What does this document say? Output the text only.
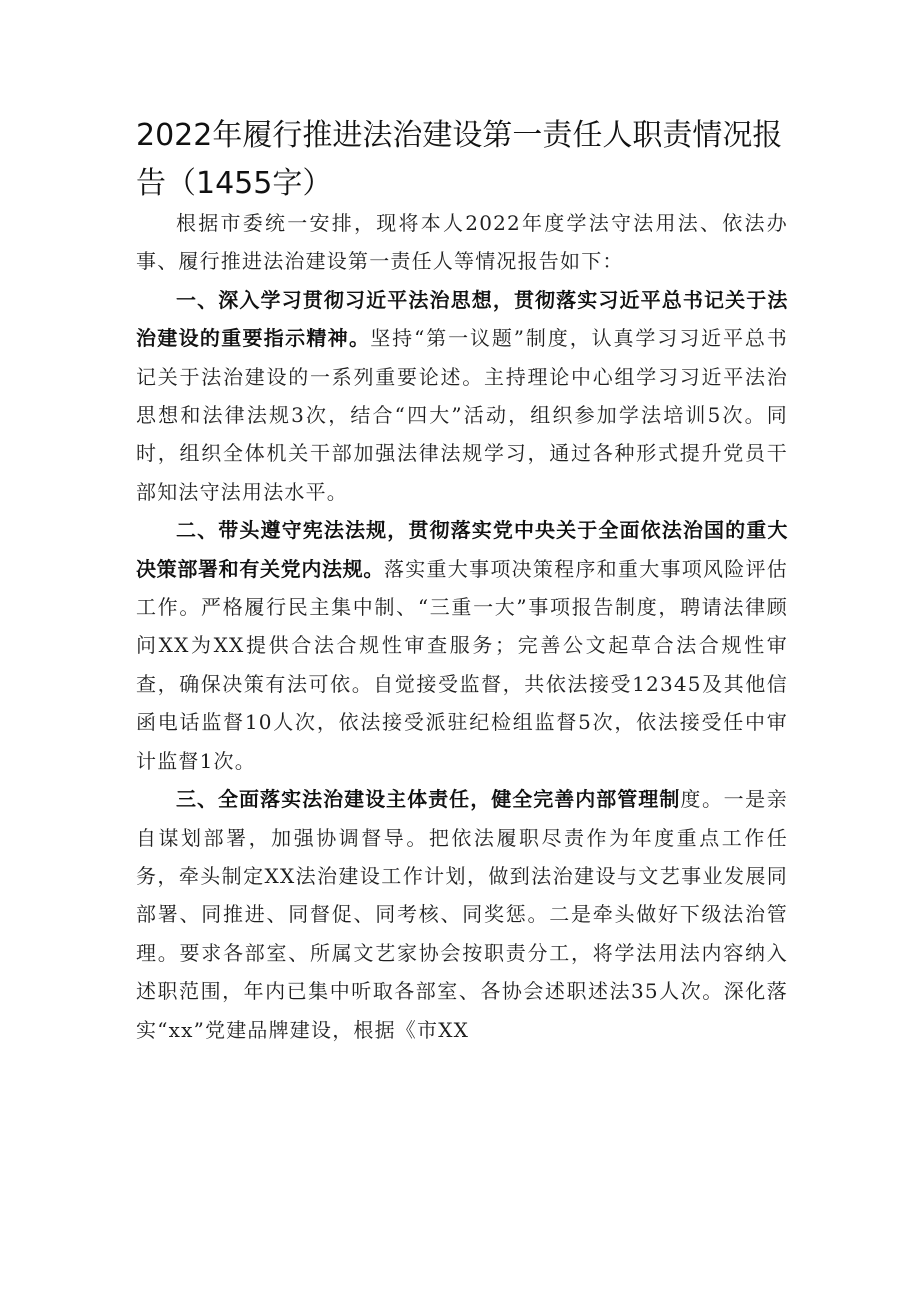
2022年履行推进法治建设第一责任人职责情况报告（1455字）

根据市委统一安排，现将本人2022年度学法守法用法、依法办事、履行推进法治建设第一责任人等情况报告如下：

一、深入学习贯彻习近平法治思想，贯彻落实习近平总书记关于法治建设的重要指示精神。坚持“第一议题”制度，认真学习习近平总书记关于法治建设的一系列重要论述。主持理论中心组学习习近平法治思想和法律法规3次，结合“四大”活动，组织参加学法培训5次。同时，组织全体机关干部加强法律法规学习，通过各种形式提升党员干部知法守法用法水平。

二、带头遵守宪法法规，贯彻落实党中央关于全面依法治国的重大决策部署和有关党内法规。落实重大事项决策程序和重大事项风险评估工作。严格履行民主集中制、“三重一大”事项报告制度，聘请法律顾问XX为XX提供合法合规性审查服务；完善公文起草合法合规性审查，确保决策有法可依。自觉接受监督，共依法接受12345及其他信函电话监督10人次，依法接受派驻纪检组监督5次，依法接受任中审计监督1次。

三、全面落实法治建设主体责任，健全完善内部管理制度。一是亲自谋划部署，加强协调督导。把依法履职尽责作为年度重点工作任务，牵头制定XX法治建设工作计划，做到法治建设与文艺事业发展同部署、同推进、同督促、同考核、同奖惩。二是牵头做好下级法治管理。要求各部室、所属文艺家协会按职责分工，将学法用法内容纳入述职范围，年内已集中听取各部室、各协会述职述法35人次。深化落实“xx”党建品牌建设，根据《市XX
